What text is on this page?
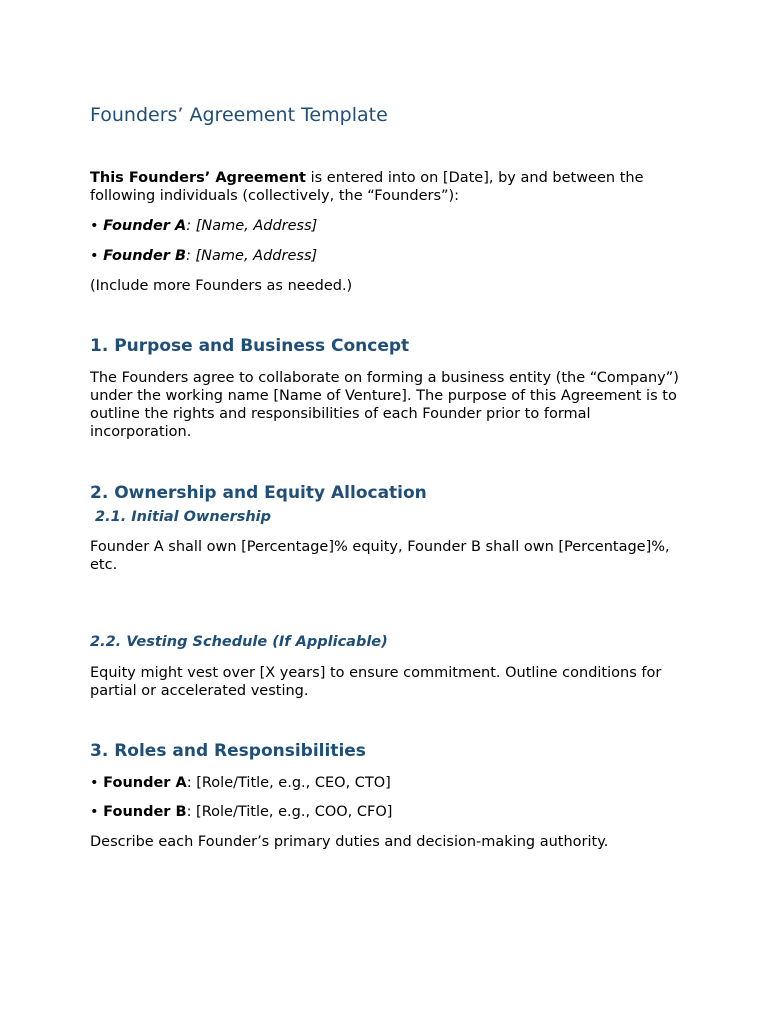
Founders’ Agreement Template

This Founders’ Agreement is entered into on [Date], by and between the following individuals (collectively, the “Founders”):

• Founder A: [Name, Address]

• Founder B: [Name, Address]

(Include more Founders as needed.)

1. Purpose and Business Concept

The Founders agree to collaborate on forming a business entity (the “Company”) under the working name [Name of Venture]. The purpose of this Agreement is to outline the rights and responsibilities of each Founder prior to formal incorporation.

2. Ownership and Equity Allocation
2.1. Initial Ownership

Founder A shall own [Percentage]% equity, Founder B shall own [Percentage]%, etc.

2.2. Vesting Schedule (If Applicable)

Equity might vest over [X years] to ensure commitment. Outline conditions for partial or accelerated vesting.

3. Roles and Responsibilities

• Founder A: [Role/Title, e.g., CEO, CTO]

• Founder B: [Role/Title, e.g., COO, CFO]

Describe each Founder’s primary duties and decision-making authority.
